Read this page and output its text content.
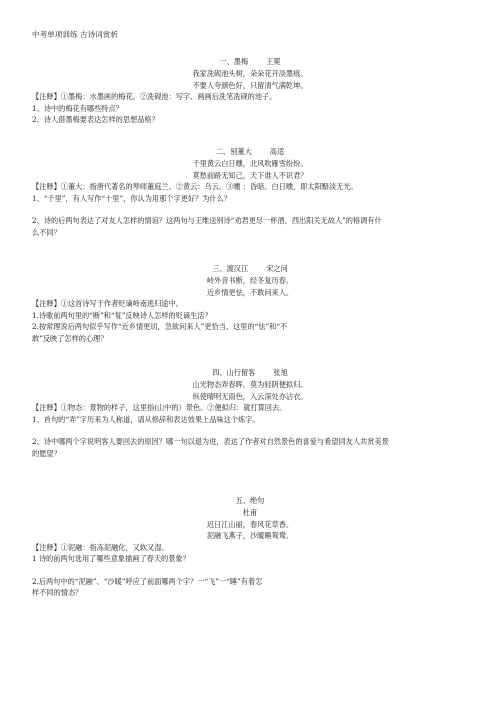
中考单项训练 古诗词赏析
一、墨梅	王冕
我家洗砚池头树，朵朵花开淡墨痕。
不要人夸颜色好，只留清气满乾坤。
【注释】①墨梅：水墨画的梅花。②洗砚池：写字、画画后洗笔洗砚的池子。
1、诗中的梅花有哪些特点？
2、诗人借墨梅要表达怎样的思想品格？
二、别董大	高适
千里黄云白日曛，北风吹雁雪纷纷。
莫愁前路无知己，天下谁人不识君？
【注释】①董大：指唐代著名的琴师董庭兰。②黄云：乌云。③曛 ：昏暗。白日曛，即太阳黯淡无光。
1、“千里”，有人写作“十里”，你认为用那个字更好？为什么？
2、诗的后两句表达了对友人怎样的情谊？这两句与王维送别诗“劝君更尽一杯酒，西出阳关无故人”的格调有什
么不同？
三、渡汉江	宋之问
岭外音书断，经冬复历春。
近乡情更怯，不敢问来人。
【注释】①这首诗写于作者贬谪岭南逃归途中。
1.诗歌前两句里的“断”和“复”反映诗人怎样的贬谪生活？
2.按常理说后两句似乎写作“近乡情更切，急欲问来人”更恰当，这里的“怯”和“不
敢”反映了怎样的心理？
四、山行留客	张旭
山光物态弄春晖，莫为轻阴便拟归。
纵使晴明无雨色，入云深处亦沾衣。
【注释】①物态：景物的样子，这里指(山中的）景色。②便拟归：就打算回去。
1、首句的“弄”字历来为人称道，请从修辞和表达效果上品味这个炼字。
2、诗中哪两个字说明客人要回去的原因？哪一句以退为进，表达了作者对自然景色的喜爱与希望同友人共赏美景
的愿望？
五、绝句
杜甫
迟日江山丽，春风花草香。
泥融飞燕子，沙暖睡鸳鸯。
【注释】①泥融：指冻泥融化，又软又湿。
1 诗的前两句选用了哪些意象描画了春天的景象？
2.后两句中的“泥融”、“沙暖”呼应了前面哪两个字？一“飞”一“睡”有着怎
样不同的情态？
